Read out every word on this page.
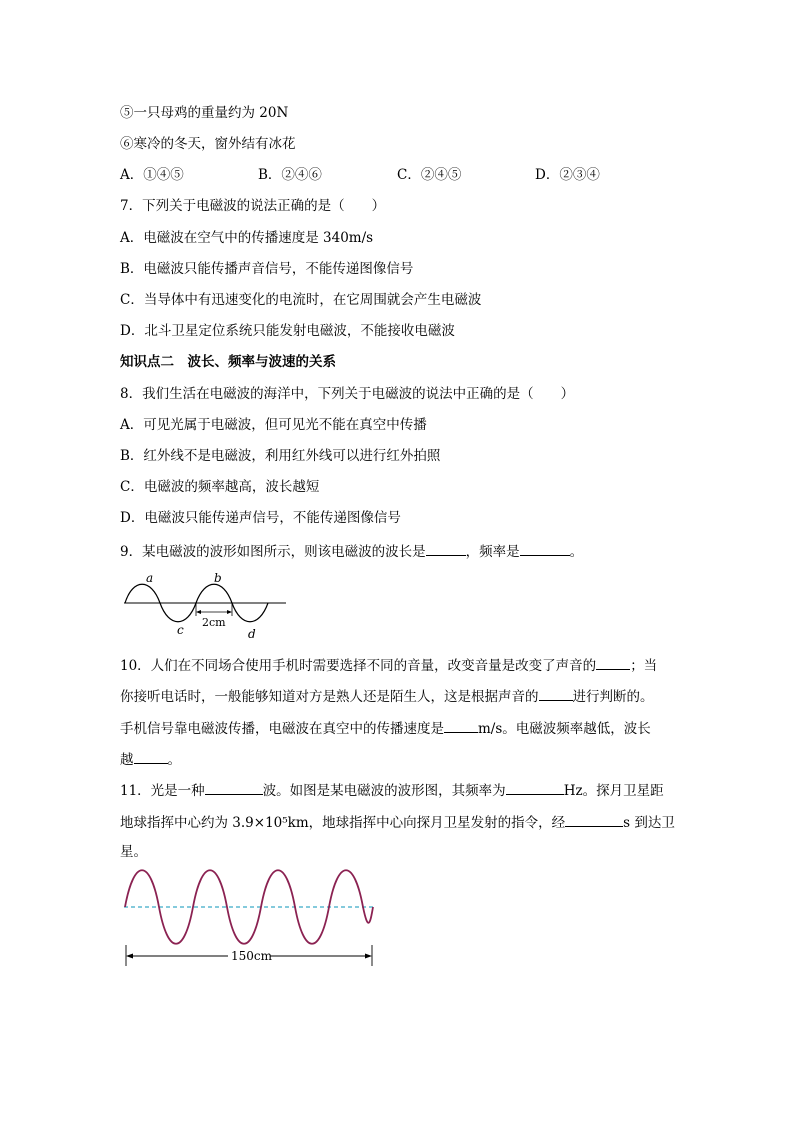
⑤一只母鸡的重量约为 20N
⑥寒冷的冬天，窗外结有冰花
A．①④⑤	B．②④⑥	C．②④⑤	D．②③④
7．下列关于电磁波的说法正确的是（　　）
A．电磁波在空气中的传播速度是 340m/s
B．电磁波只能传播声音信号，不能传递图像信号
C．当导体中有迅速变化的电流时，在它周围就会产生电磁波
D．北斗卫星定位系统只能发射电磁波，不能接收电磁波
知识点二　波长、频率与波速的关系
8．我们生活在电磁波的海洋中，下列关于电磁波的说法中正确的是（　　）
A．可见光属于电磁波，但可见光不能在真空中传播
B．红外线不是电磁波，利用红外线可以进行红外拍照
C．电磁波的频率越高，波长越短
D．电磁波只能传递声信号，不能传递图像信号
9．某电磁波的波形如图所示，则该电磁波的波长是	，频率是	。
a	b
c	d
2cm
10．人们在不同场合使用手机时需要选择不同的音量，改变音量是改变了声音的	；当
你接听电话时，一般能够知道对方是熟人还是陌生人，这是根据声音的	进行判断的。
手机信号靠电磁波传播，电磁波在真空中的传播速度是	m/s。电磁波频率越低，波长
越	。
11．光是一种	波。如图是某电磁波的波形图，其频率为	Hz。探月卫星距
地球指挥中心约为 3.9×10⁵km，地球指挥中心向探月卫星发射的指令，经	s 到达卫
星。
150cm
